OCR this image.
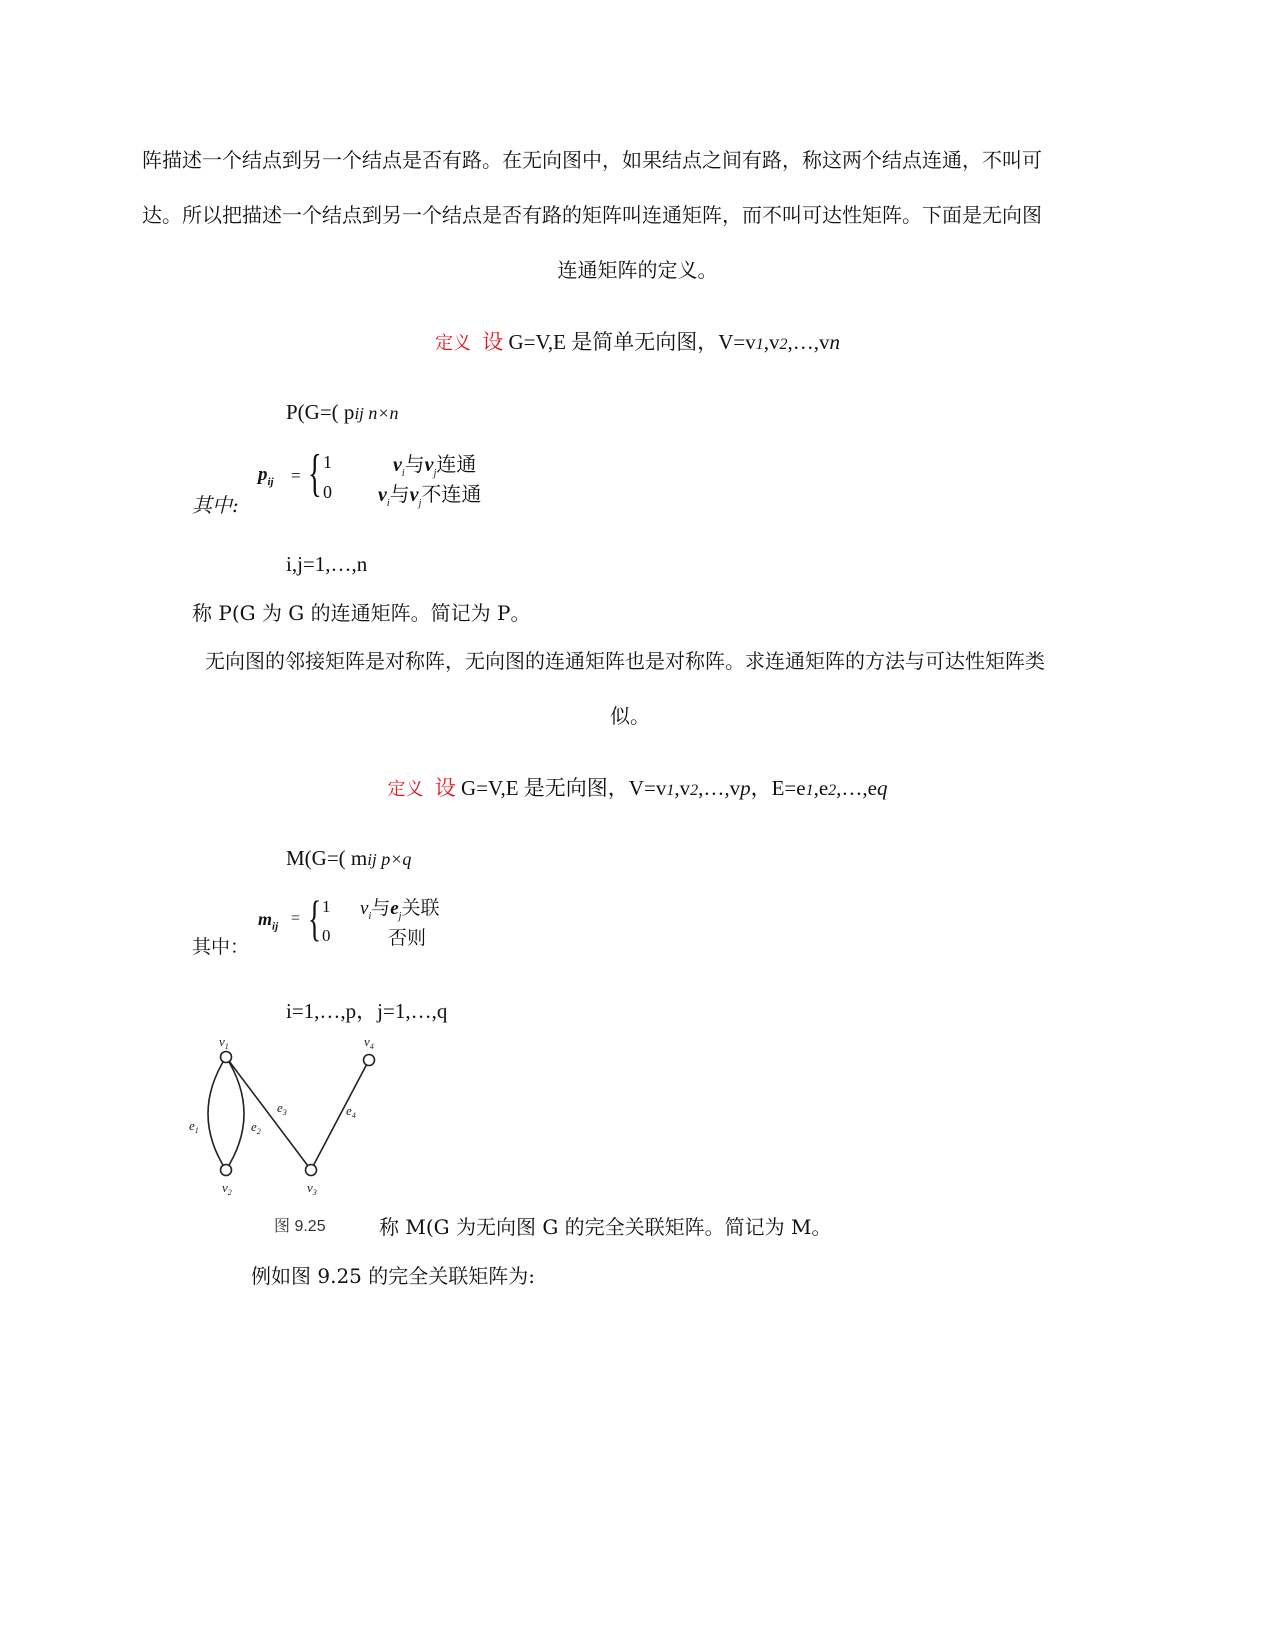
阵描述一个结点到另一个结点是否有路。在无向图中，如果结点之间有路，称这两个结点连通，不叫可
达。所以把描述一个结点到另一个结点是否有路的矩阵叫连通矩阵，而不叫可达性矩阵。下面是无向图
连通矩阵的定义。
定义 设 G=V,E 是简单无向图，V=v1,v2,…,vn
P(G=( pij n×n
其中:
$p_{ij}$ = { 1	$v_i$与$v_j$连通
0 $v_i$与$v_j$不连通
i,j=1,…,n
称 P(G 为 G 的连通矩阵。简记为 P。
无向图的邻接矩阵是对称阵，无向图的连通矩阵也是对称阵。求连通矩阵的方法与可达性矩阵类
似。
定义 设 G=V,E 是无向图，V=v1,v2,…,vp，E=e1,e2,…,eq
M(G=( mij p×q
其中：
$m_{ij}$ = { 1 $v_i$与$e_j$关联
0	否则
i=1,…,p，j=1,…,q
$v_1$
$v_2$	$v_3$
$v_4$
$e_1$	$e_2$
$e_3$	$e_4$
图 9.25	称 M(G 为无向图 G 的完全关联矩阵。简记为 M。
例如图 9.25 的完全关联矩阵为:
